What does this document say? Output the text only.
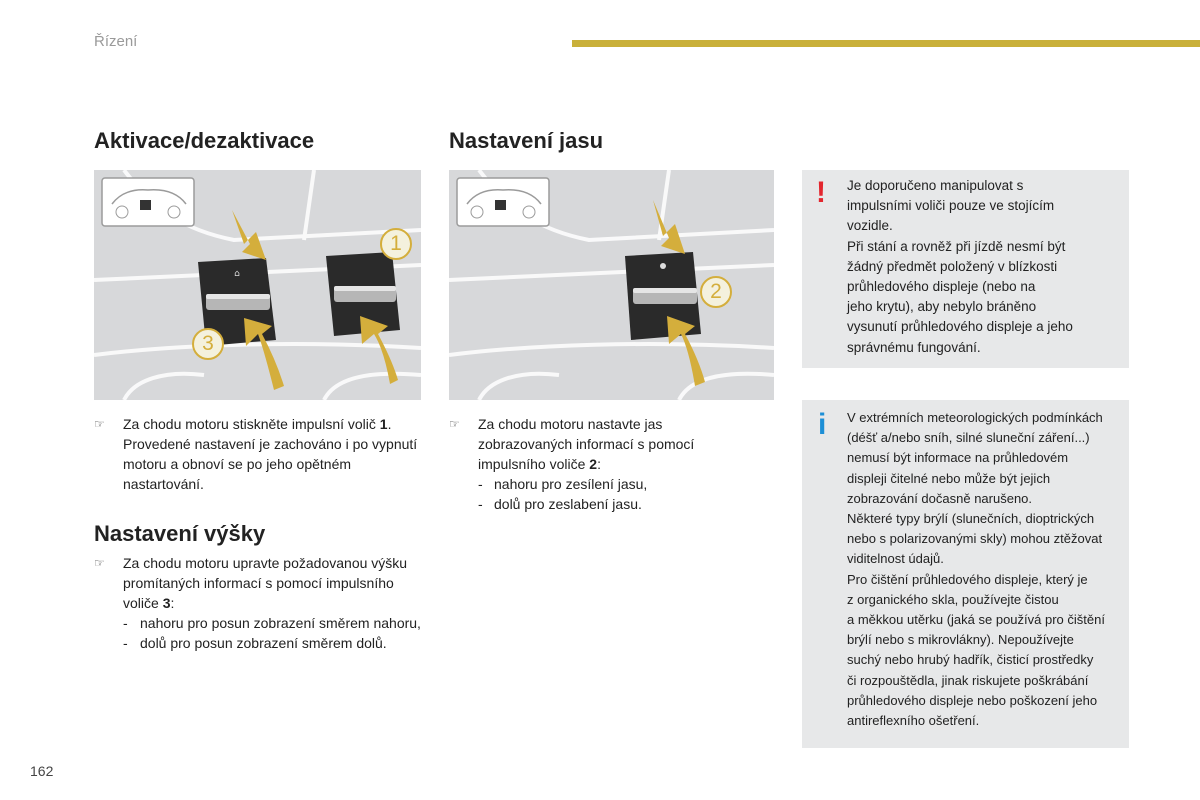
Řízení
Aktivace/dezaktivace	Nastavení jasu
Nastavení výšky
⌂
1
3
2
☞ Za chodu motoru stiskněte impulsní volič 1. Provedené nastavení je zachováno i po vypnutí motoru a obnoví se po jeho opětném nastartování.
☞ Za chodu motoru upravte požadovanou výšku promítaných informací s pomocí impulsního voliče 3:
- nahoru pro posun zobrazení směrem nahoru,
- dolů pro posun zobrazení směrem dolů.
☞ Za chodu motoru nastavte jas zobrazovaných informací s pomocí impulsního voliče 2:
- nahoru pro zesílení jasu,
- dolů pro zeslabení jasu.
! Je doporučeno manipulovat s
impulsními voliči pouze ve stojícím
vozidle.
Při stání a rovněž při jízdě nesmí být
žádný předmět položený v blízkosti
průhledového displeje (nebo na
jeho krytu), aby nebylo bráněno
vysunutí průhledového displeje a jeho
správnému fungování.
i V extrémních meteorologických podmínkách
(déšť a/nebo sníh, silné sluneční záření...)
nemusí být informace na průhledovém
displeji čitelné nebo může být jejich
zobrazování dočasně narušeno.
Některé typy brýlí (slunečních, dioptrických
nebo s polarizovanými skly) mohou ztěžovat
viditelnost údajů.
Pro čištění průhledového displeje, který je
z organického skla, používejte čistou
a měkkou utěrku (jaká se používá pro čištění
brýlí nebo s mikrovlákny). Nepoužívejte
suchý nebo hrubý hadřík, čisticí prostředky
či rozpouštědla, jinak riskujete poškrábání
průhledového displeje nebo poškození jeho
antireflexního ošetření.
162
